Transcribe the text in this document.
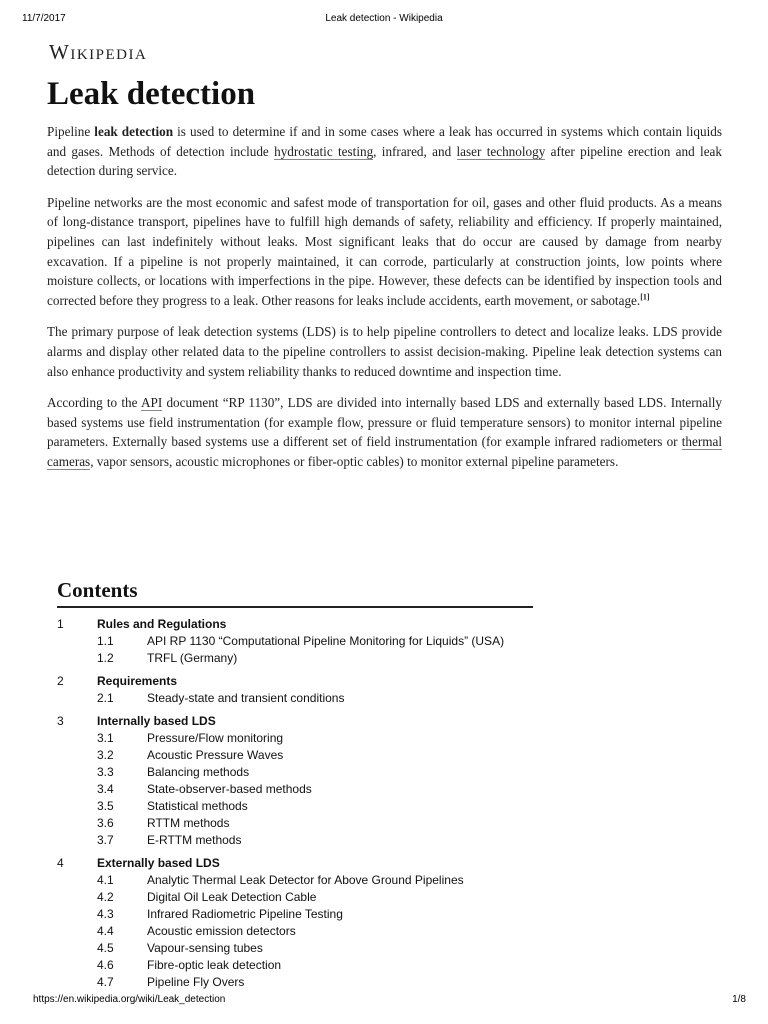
11/7/2017	Leak detection - Wikipedia
Wikipedia
Leak detection

Pipeline leak detection is used to determine if and in some cases where a leak has occurred in systems which contain liquids and gases. Methods of detection include hydrostatic testing, infrared, and laser technology after pipeline erection and leak detection during service.

Pipeline networks are the most economic and safest mode of transportation for oil, gases and other fluid products. As a means of long-distance transport, pipelines have to fulfill high demands of safety, reliability and efficiency. If properly maintained, pipelines can last indefinitely without leaks. Most significant leaks that do occur are caused by damage from nearby excavation. If a pipeline is not properly maintained, it can corrode, particularly at construction joints, low points where moisture collects, or locations with imperfections in the pipe. However, these defects can be identified by inspection tools and corrected before they progress to a leak. Other reasons for leaks include accidents, earth movement, or sabotage.[1]

The primary purpose of leak detection systems (LDS) is to help pipeline controllers to detect and localize leaks. LDS provide alarms and display other related data to the pipeline controllers to assist decision-making. Pipeline leak detection systems can also enhance productivity and system reliability thanks to reduced downtime and inspection time.

According to the API document “RP 1130”, LDS are divided into internally based LDS and externally based LDS. Internally based systems use field instrumentation (for example flow, pressure or fluid temperature sensors) to monitor internal pipeline parameters. Externally based systems use a different set of field instrumentation (for example infrared radiometers or thermal cameras, vapor sensors, acoustic microphones or fiber-optic cables) to monitor external pipeline parameters.

Contents
1	Rules and Regulations
1.1	API RP 1130 “Computational Pipeline Monitoring for Liquids” (USA)
1.2	TRFL (Germany)
2	Requirements
2.1	Steady-state and transient conditions
3	Internally based LDS
3.1	Pressure/Flow monitoring
3.2	Acoustic Pressure Waves
3.3	Balancing methods
3.4	State-observer-based methods
3.5	Statistical methods
3.6	RTTM methods
3.7	E-RTTM methods
4	Externally based LDS
4.1	Analytic Thermal Leak Detector for Above Ground Pipelines
4.2	Digital Oil Leak Detection Cable
4.3	Infrared Radiometric Pipeline Testing
4.4	Acoustic emission detectors
4.5	Vapour-sensing tubes
4.6	Fibre-optic leak detection
4.7	Pipeline Fly Overs
https://en.wikipedia.org/wiki/Leak_detection	1/8
